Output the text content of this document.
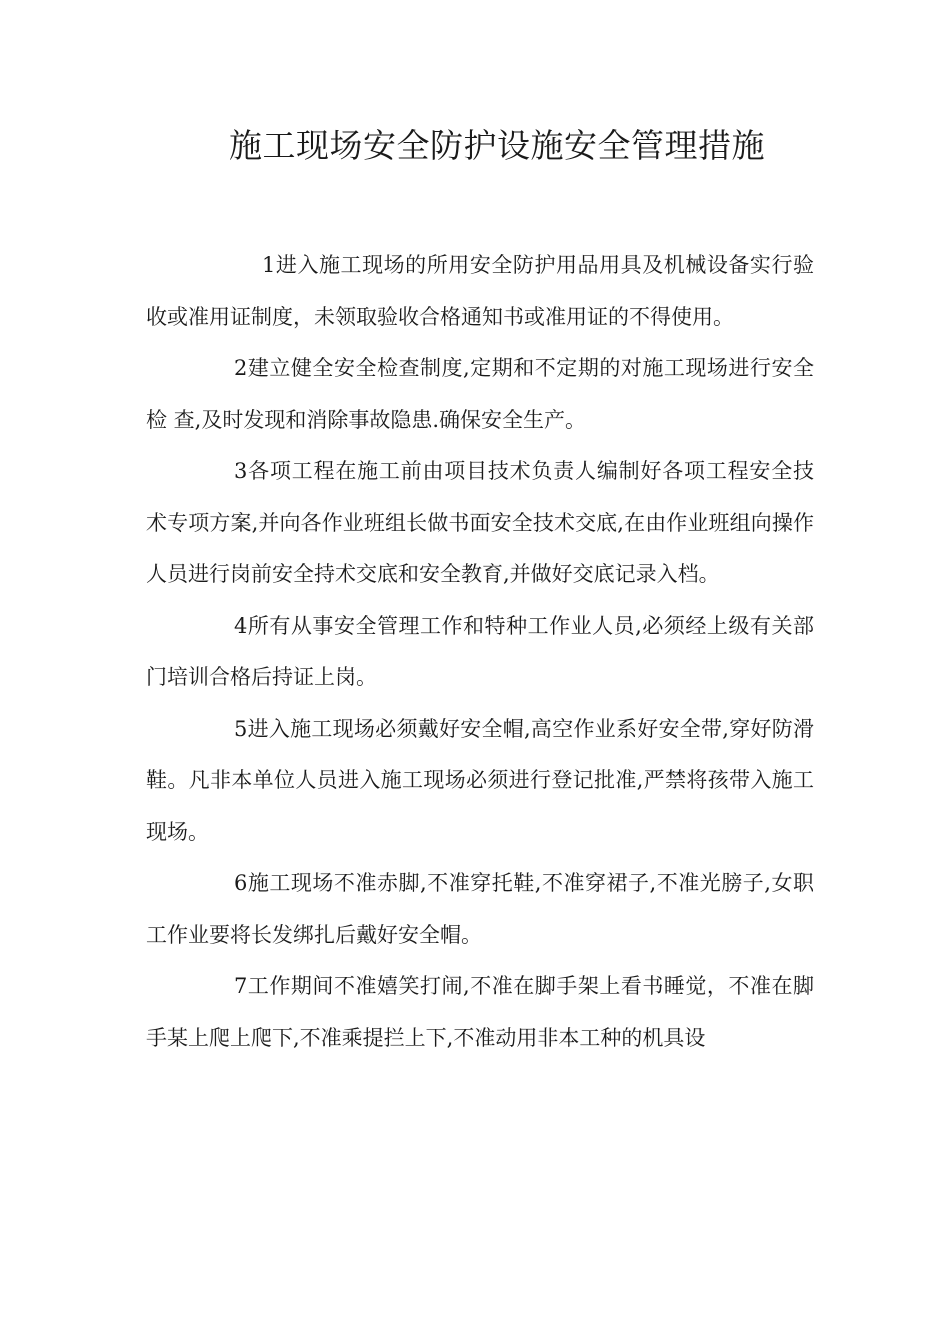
施工现场安全防护设施安全管理措施

1进入施工现场的所用安全防护用品用具及机械设备实行验收或准用证制度，未领取验收合格通知书或准用证的不得使用。

2建立健全安全检查制度,定期和不定期的对施工现场进行安全检 查,及时发现和消除事故隐患.确保安全生产。

3各项工程在施工前由项目技术负责人编制好各项工程安全技术专项方案,并向各作业班组长做书面安全技术交底,在由作业班组向操作人员进行岗前安全持术交底和安全教育,并做好交底记录入档。

4所有从事安全管理工作和特种工作业人员,必须经上级有关部门培训合格后持证上岗。

5进入施工现场必须戴好安全帽,高空作业系好安全带,穿好防滑鞋。凡非本单位人员进入施工现场必须进行登记批准,严禁将孩带入施工现场。

6施工现场不准赤脚,不准穿托鞋,不准穿裙子,不准光膀子,女职工作业要将长发绑扎后戴好安全帽。

7工作期间不准嬉笑打闹,不准在脚手架上看书睡觉，不准在脚手某上爬上爬下,不准乘提拦上下,不准动用非本工种的机具设
